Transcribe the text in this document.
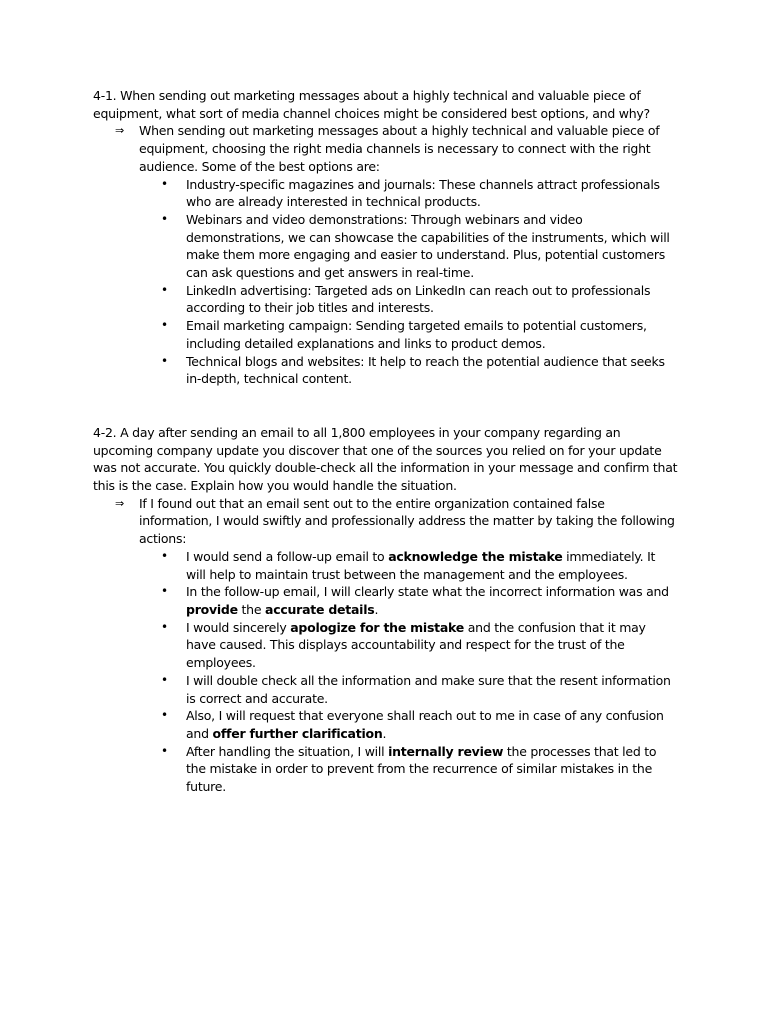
4-1. When sending out marketing messages about a highly technical and valuable piece of equipment, what sort of media channel choices might be considered best options, and why?

⇒ When sending out marketing messages about a highly technical and valuable piece of equipment, choosing the right media channels is necessary to connect with the right audience. Some of the best options are:

• Industry-specific magazines and journals: These channels attract professionals who are already interested in technical products.
• Webinars and video demonstrations: Through webinars and video demonstrations, we can showcase the capabilities of the instruments, which will make them more engaging and easier to understand. Plus, potential customers can ask questions and get answers in real-time.
• LinkedIn advertising: Targeted ads on LinkedIn can reach out to professionals according to their job titles and interests.
• Email marketing campaign: Sending targeted emails to potential customers, including detailed explanations and links to product demos.
• Technical blogs and websites: It help to reach the potential audience that seeks in-depth, technical content.

4-2. A day after sending an email to all 1,800 employees in your company regarding an upcoming company update you discover that one of the sources you relied on for your update was not accurate. You quickly double-check all the information in your message and confirm that this is the case. Explain how you would handle the situation.

⇒ If I found out that an email sent out to the entire organization contained false information, I would swiftly and professionally address the matter by taking the following actions:

• I would send a follow-up email to acknowledge the mistake immediately. It will help to maintain trust between the management and the employees.
• In the follow-up email, I will clearly state what the incorrect information was and provide the accurate details.
• I would sincerely apologize for the mistake and the confusion that it may have caused. This displays accountability and respect for the trust of the employees.
• I will double check all the information and make sure that the resent information is correct and accurate.
• Also, I will request that everyone shall reach out to me in case of any confusion and offer further clarification.
• After handling the situation, I will internally review the processes that led to the mistake in order to prevent from the recurrence of similar mistakes in the future.
